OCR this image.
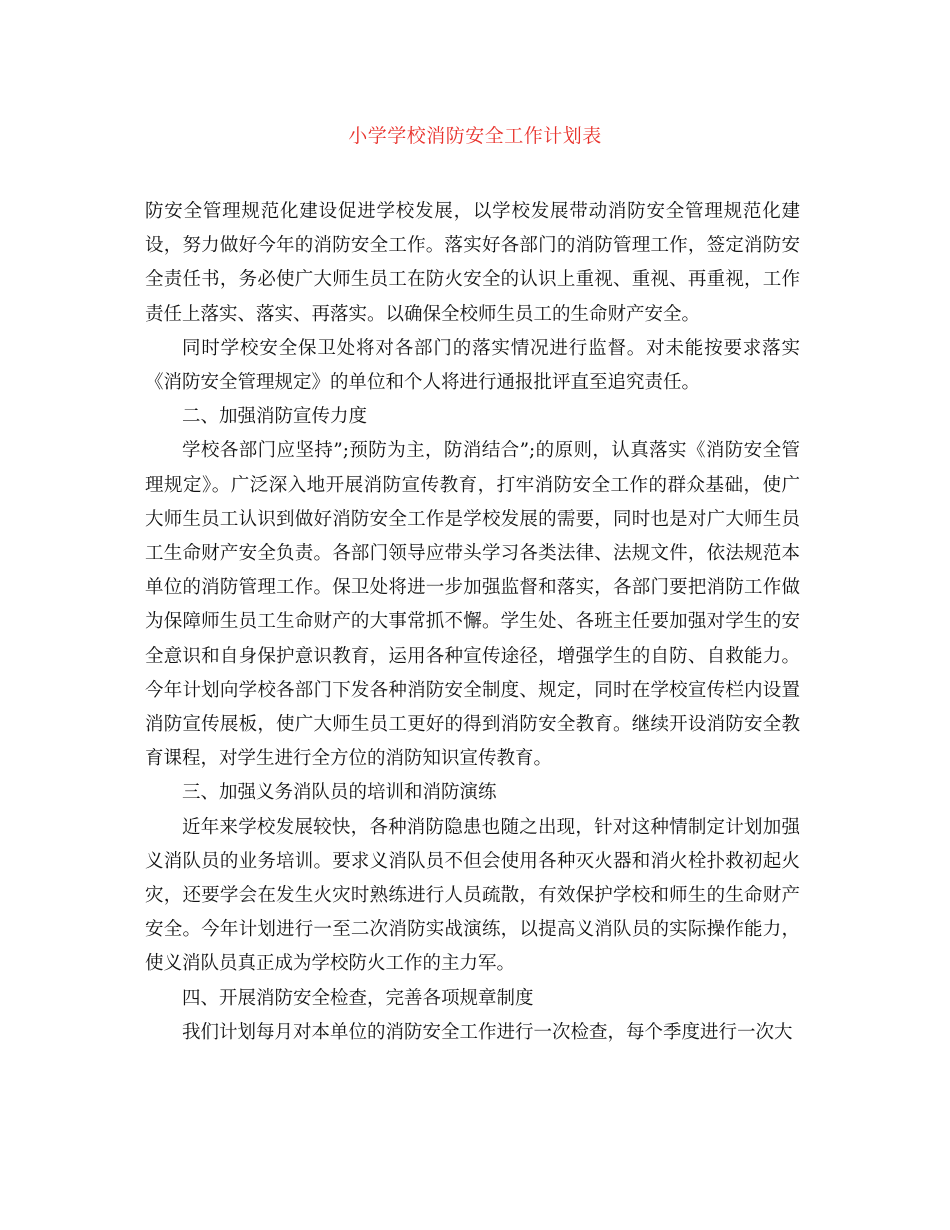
小学学校消防安全工作计划表

防安全管理规范化建设促进学校发展，以学校发展带动消防安全管理规范化建设，努力做好今年的消防安全工作。落实好各部门的消防管理工作，签定消防安全责任书，务必使广大师生员工在防火安全的认识上重视、重视、再重视，工作责任上落实、落实、再落实。以确保全校师生员工的生命财产安全。

同时学校安全保卫处将对各部门的落实情况进行监督。对未能按要求落实《消防安全管理规定》的单位和个人将进行通报批评直至追究责任。

二、加强消防宣传力度

学校各部门应坚持”;预防为主，防消结合”;的原则，认真落实《消防安全管理规定》。广泛深入地开展消防宣传教育，打牢消防安全工作的群众基础，使广大师生员工认识到做好消防安全工作是学校发展的需要，同时也是对广大师生员工生命财产安全负责。各部门领导应带头学习各类法律、法规文件，依法规范本单位的消防管理工作。保卫处将进一步加强监督和落实，各部门要把消防工作做为保障师生员工生命财产的大事常抓不懈。学生处、各班主任要加强对学生的安全意识和自身保护意识教育，运用各种宣传途径，增强学生的自防、自救能力。今年计划向学校各部门下发各种消防安全制度、规定，同时在学校宣传栏内设置消防宣传展板，使广大师生员工更好的得到消防安全教育。继续开设消防安全教育课程，对学生进行全方位的消防知识宣传教育。

三、加强义务消队员的培训和消防演练

近年来学校发展较快，各种消防隐患也随之出现，针对这种情制定计划加强义消队员的业务培训。要求义消队员不但会使用各种灭火器和消火栓扑救初起火灾，还要学会在发生火灾时熟练进行人员疏散，有效保护学校和师生的生命财产安全。今年计划进行一至二次消防实战演练，以提高义消队员的实际操作能力，使义消队员真正成为学校防火工作的主力军。

四、开展消防安全检查，完善各项规章制度

我们计划每月对本单位的消防安全工作进行一次检查，每个季度进行一次大
